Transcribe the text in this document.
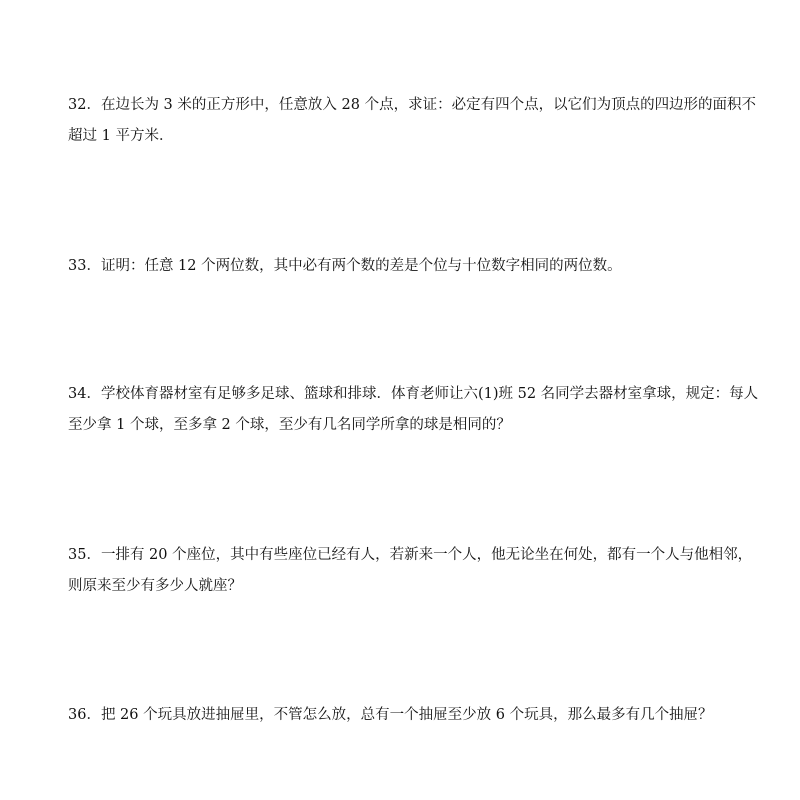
32．在边长为 3 米的正方形中，任意放入 28 个点，求证：必定有四个点，以它们为顶点的四边形的面积不
超过 1 平方米．
33．证明：任意 12 个两位数，其中必有两个数的差是个位与十位数字相同的两位数。
34．学校体育器材室有足够多足球、篮球和排球．体育老师让六(1)班 52 名同学去器材室拿球，规定：每人
至少拿 1 个球，至多拿 2 个球，至少有几名同学所拿的球是相同的？
35．一排有 20 个座位，其中有些座位已经有人，若新来一个人，他无论坐在何处，都有一个人与他相邻，
则原来至少有多少人就座？
36．把 26 个玩具放进抽屉里，不管怎么放，总有一个抽屉至少放 6 个玩具，那么最多有几个抽屉？
